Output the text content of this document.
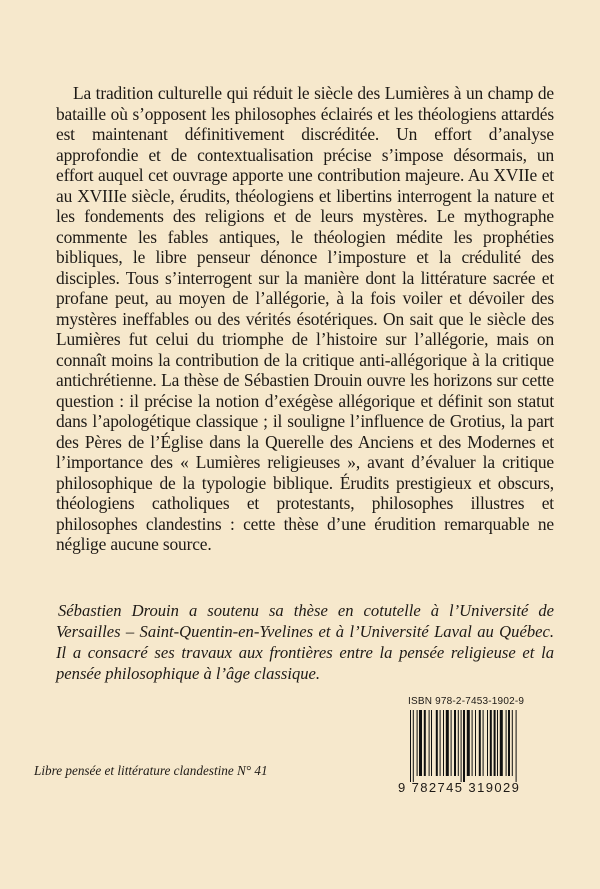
La tradition culturelle qui réduit le siècle des Lumières à un champ de bataille où s’opposent les philosophes éclairés et les théologiens attardés est maintenant définitivement discréditée. Un effort d’analyse approfondie et de contextualisation précise s’impose désormais, un effort auquel cet ouvrage apporte une contribution majeure. Au XVIIe et au XVIIIe siècle, érudits, théologiens et libertins interrogent la nature et les fondements des religions et de leurs mystères. Le mythographe commente les fables antiques, le théologien médite les prophéties bibliques, le libre penseur dénonce l’imposture et la crédulité des disciples. Tous s’interrogent sur la manière dont la littérature sacrée et profane peut, au moyen de l’allégorie, à la fois voiler et dévoiler des mystères ineffables ou des vérités ésotériques. On sait que le siècle des Lumières fut celui du triomphe de l’histoire sur l’allégorie, mais on connaît moins la contribution de la critique anti-allégorique à la critique antichrétienne. La thèse de Sébastien Drouin ouvre les horizons sur cette question : il précise la notion d’exégèse allégorique et définit son statut dans l’apologétique classique ; il souligne l’influence de Grotius, la part des Pères de l’Église dans la Querelle des Anciens et des Modernes et l’importance des « Lumières religieuses », avant d’évaluer la critique philosophique de la typologie biblique. Érudits prestigieux et obscurs, théologiens catholiques et protestants, philosophes illustres et philosophes clandestins : cette thèse d’une érudition remarquable ne néglige aucune source.

Sébastien Drouin a soutenu sa thèse en cotutelle à l’Université de Versailles – Saint-Quentin-en-Yvelines et à l’Université Laval au Québec. Il a consacré ses travaux aux frontières entre la pensée religieuse et la pensée philosophique à l’âge classique.

Libre pensée et littérature clandestine N° 41

ISBN 978-2-7453-1902-9
9 782745 319029
